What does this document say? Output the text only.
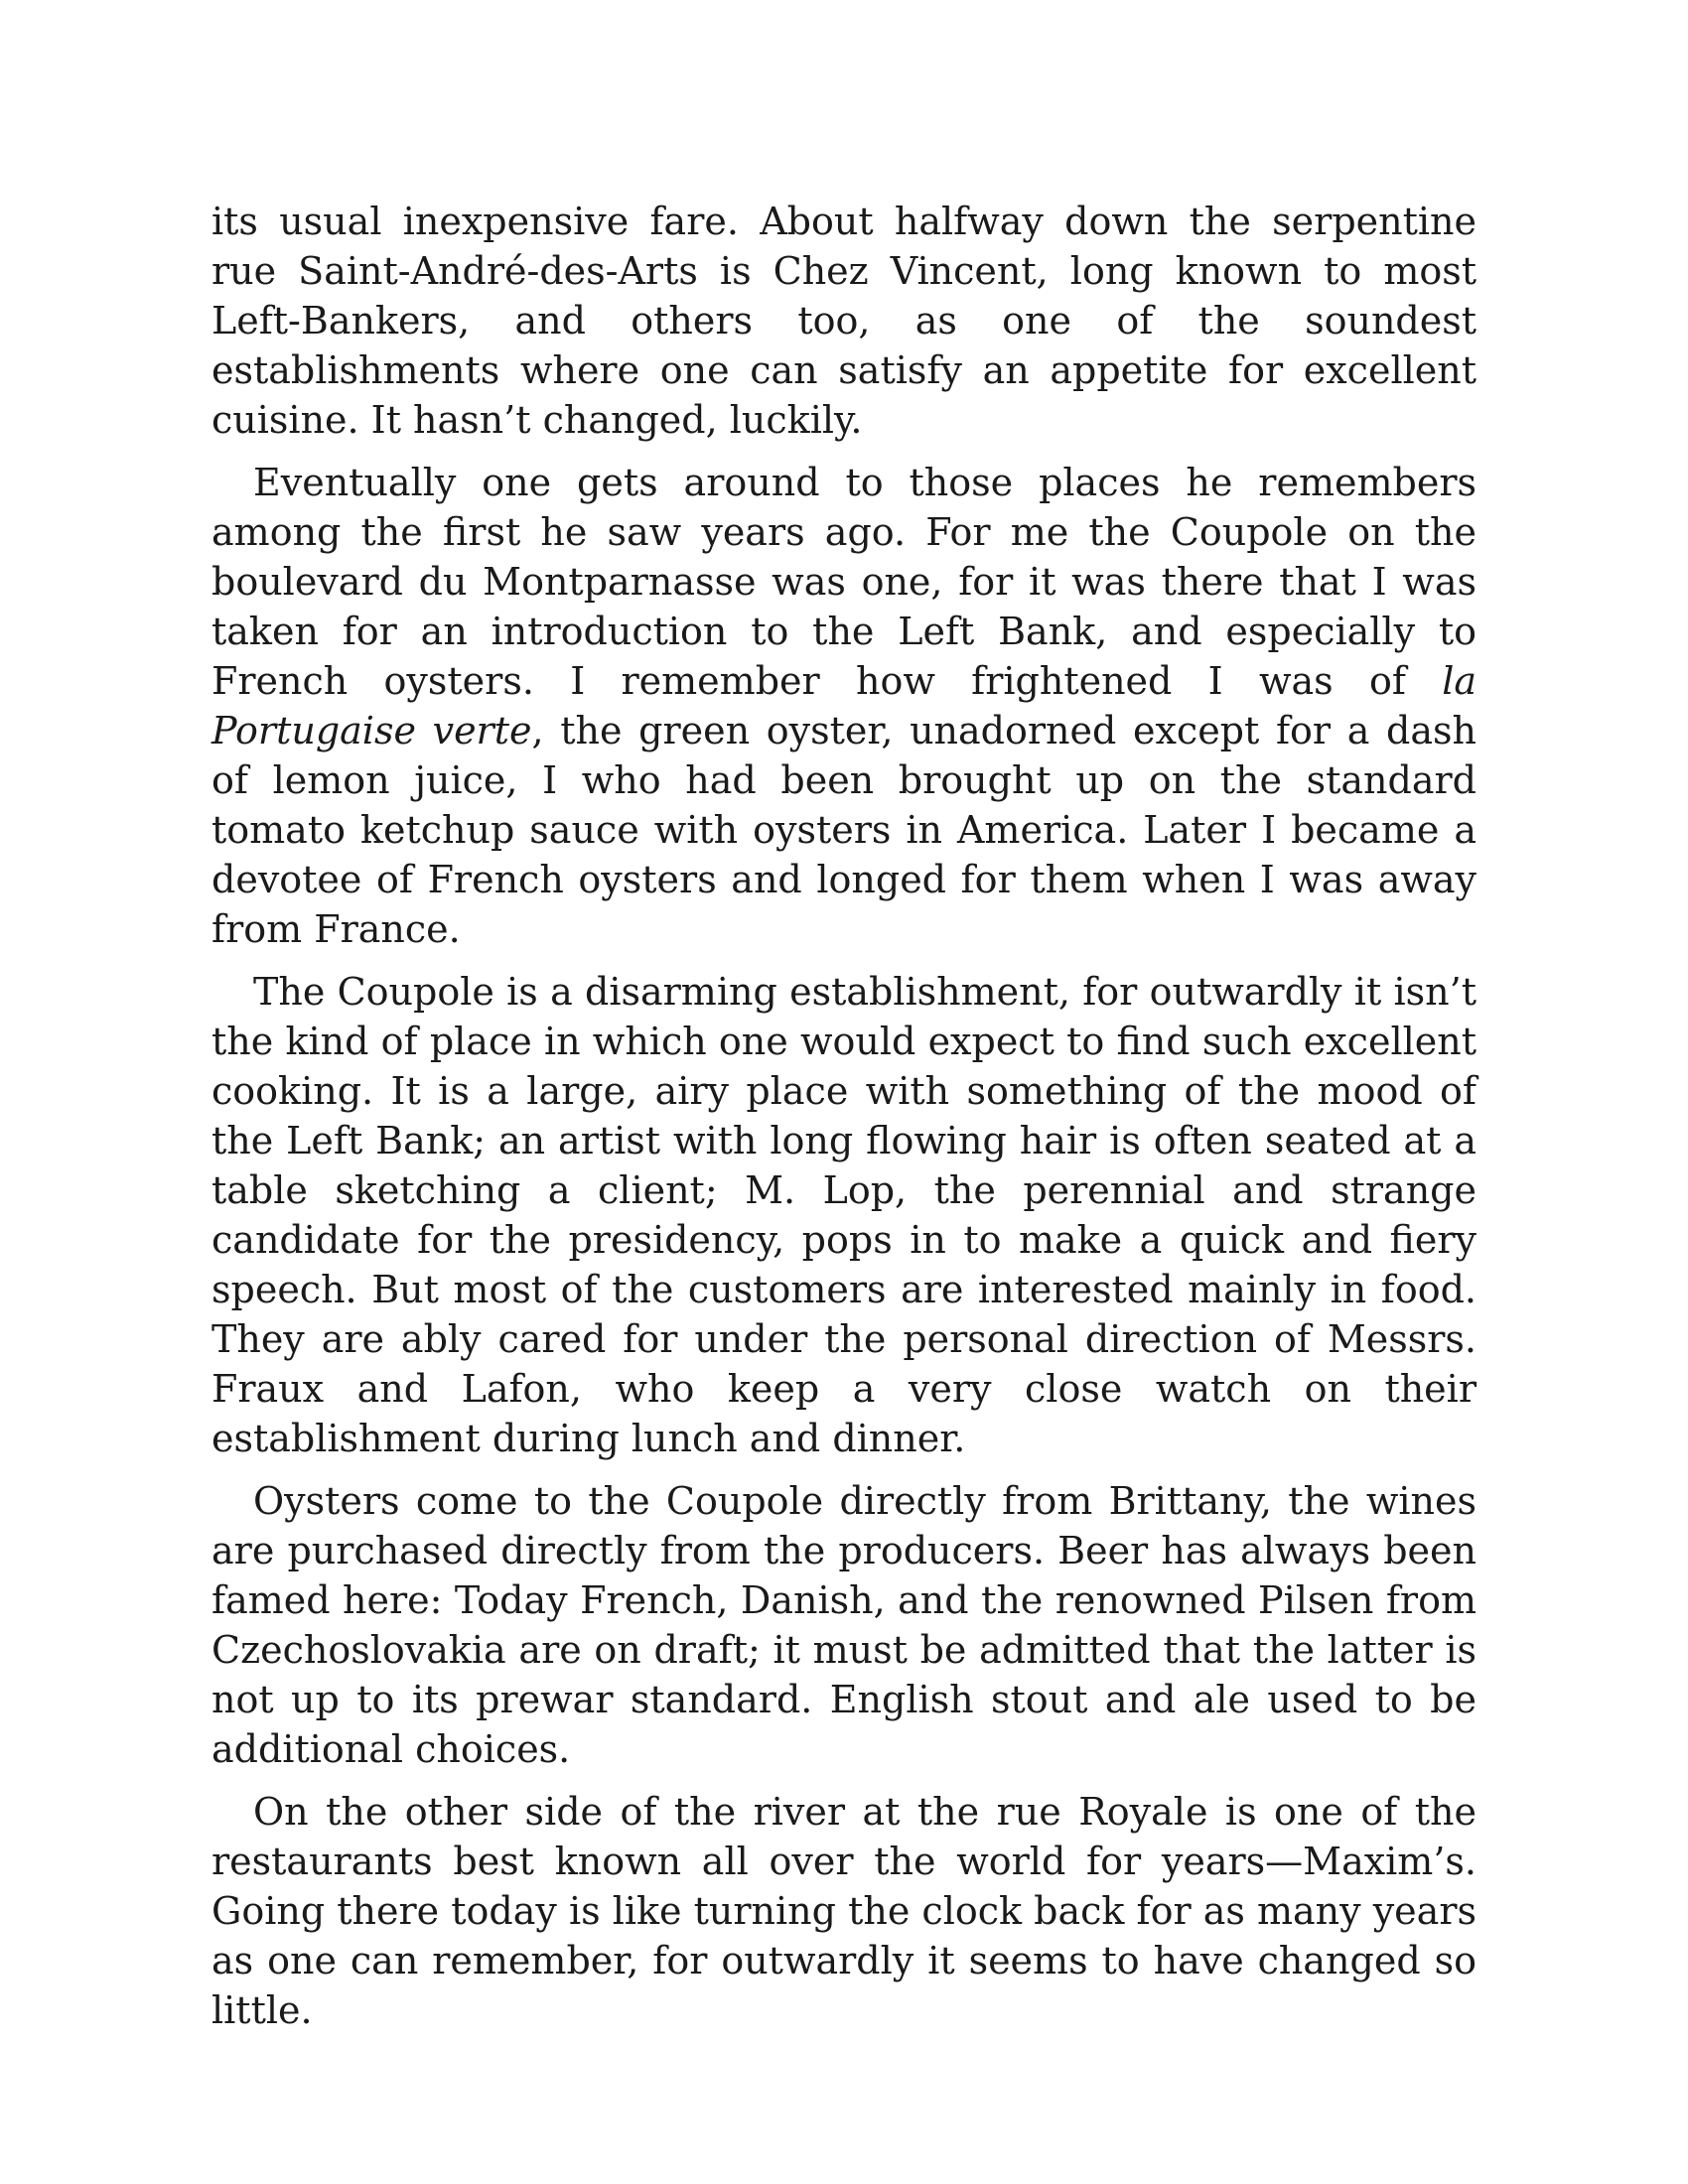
its usual inexpensive fare. About halfway down the serpentine rue Saint-André-des-Arts is Chez Vincent, long known to most Left-Bankers, and others too, as one of the soundest establishments where one can satisfy an appetite for excellent cuisine. It hasn’t changed, luckily.

Eventually one gets around to those places he remembers among the first he saw years ago. For me the Coupole on the boulevard du Montparnasse was one, for it was there that I was taken for an introduction to the Left Bank, and especially to French oysters. I remember how frightened I was of la Portugaise verte, the green oyster, unadorned except for a dash of lemon juice, I who had been brought up on the standard tomato ketchup sauce with oysters in America. Later I became a devotee of French oysters and longed for them when I was away from France.

The Coupole is a disarming establishment, for outwardly it isn’t the kind of place in which one would expect to find such excellent cooking. It is a large, airy place with something of the mood of the Left Bank; an artist with long flowing hair is often seated at a table sketching a client; M. Lop, the perennial and strange candidate for the presidency, pops in to make a quick and fiery speech. But most of the customers are interested mainly in food. They are ably cared for under the personal direction of Messrs. Fraux and Lafon, who keep a very close watch on their establishment during lunch and dinner.

Oysters come to the Coupole directly from Brittany, the wines are purchased directly from the producers. Beer has always been famed here: Today French, Danish, and the renowned Pilsen from Czechoslovakia are on draft; it must be admitted that the latter is not up to its prewar standard. English stout and ale used to be additional choices.

On the other side of the river at the rue Royale is one of the restaurants best known all over the world for years—Maxim’s. Going there today is like turning the clock back for as many years as one can remember, for outwardly it seems to have changed so little.
